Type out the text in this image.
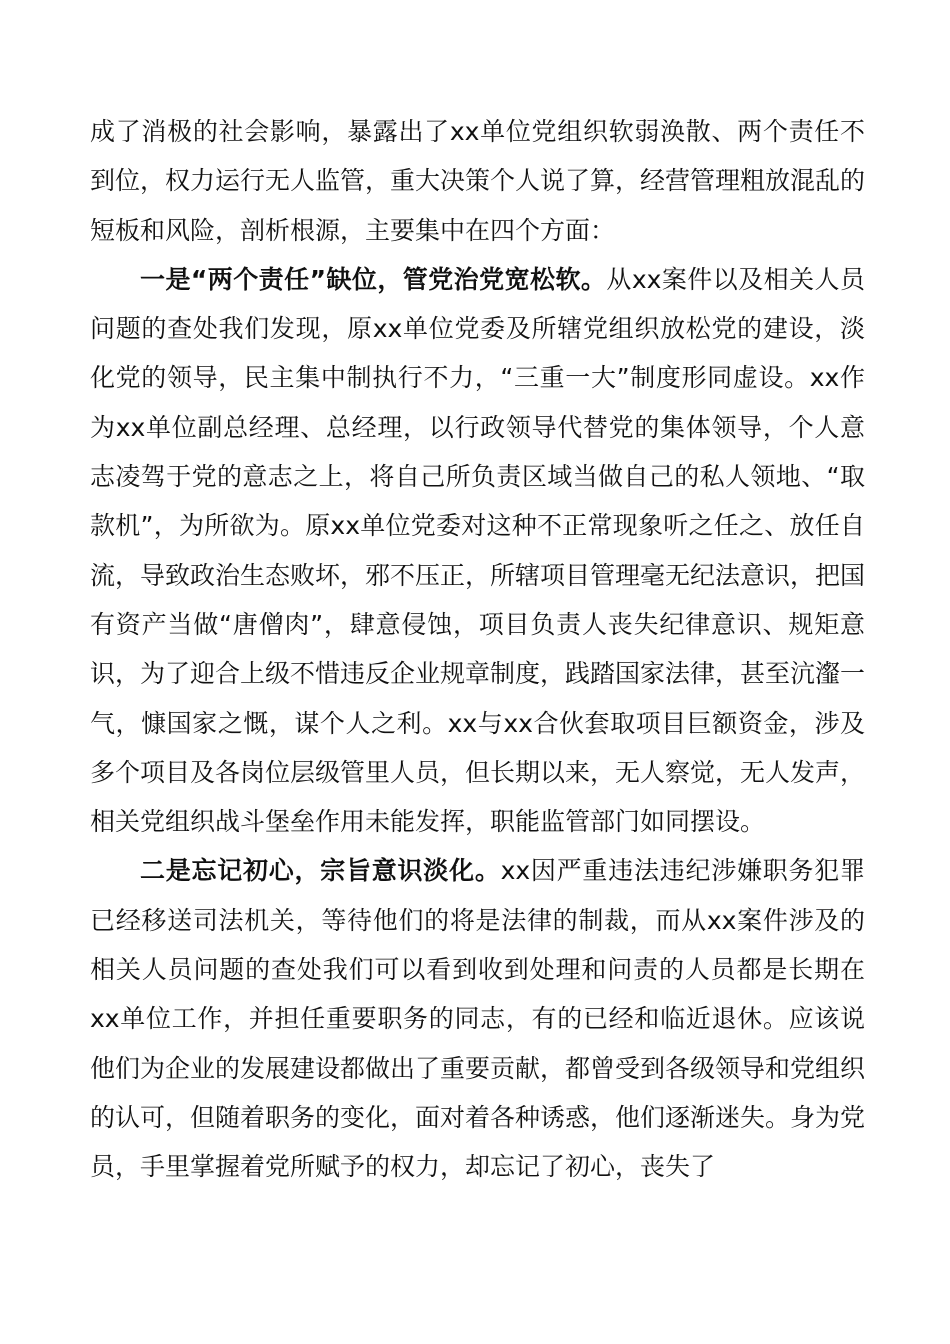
成了消极的社会影响，暴露出了xx单位党组织软弱涣散、两个责任不到位，权力运行无人监管，重大决策个人说了算，经营管理粗放混乱的短板和风险，剖析根源，主要集中在四个方面：

一是“两个责任”缺位，管党治党宽松软。从xx案件以及相关人员问题的查处我们发现，原xx单位党委及所辖党组织放松党的建设，淡化党的领导，民主集中制执行不力，“三重一大”制度形同虚设。xx作为xx单位副总经理、总经理，以行政领导代替党的集体领导，个人意志凌驾于党的意志之上，将自己所负责区域当做自己的私人领地、“取款机”，为所欲为。原xx单位党委对这种不正常现象听之任之、放任自流，导致政治生态败坏，邪不压正，所辖项目管理毫无纪法意识，把国有资产当做“唐僧肉”，肆意侵蚀，项目负责人丧失纪律意识、规矩意识，为了迎合上级不惜违反企业规章制度，践踏国家法律，甚至沆瀣一气，慷国家之慨，谋个人之利。xx与xx合伙套取项目巨额资金，涉及多个项目及各岗位层级管里人员，但长期以来，无人察觉，无人发声，相关党组织战斗堡垒作用未能发挥，职能监管部门如同摆设。

二是忘记初心，宗旨意识淡化。xx因严重违法违纪涉嫌职务犯罪已经移送司法机关，等待他们的将是法律的制裁，而从xx案件涉及的相关人员问题的查处我们可以看到收到处理和问责的人员都是长期在xx单位工作，并担任重要职务的同志，有的已经和临近退休。应该说他们为企业的发展建设都做出了重要贡献，都曾受到各级领导和党组织的认可，但随着职务的变化，面对着各种诱惑，他们逐渐迷失。身为党员，手里掌握着党所赋予的权力，却忘记了初心，丧失了
